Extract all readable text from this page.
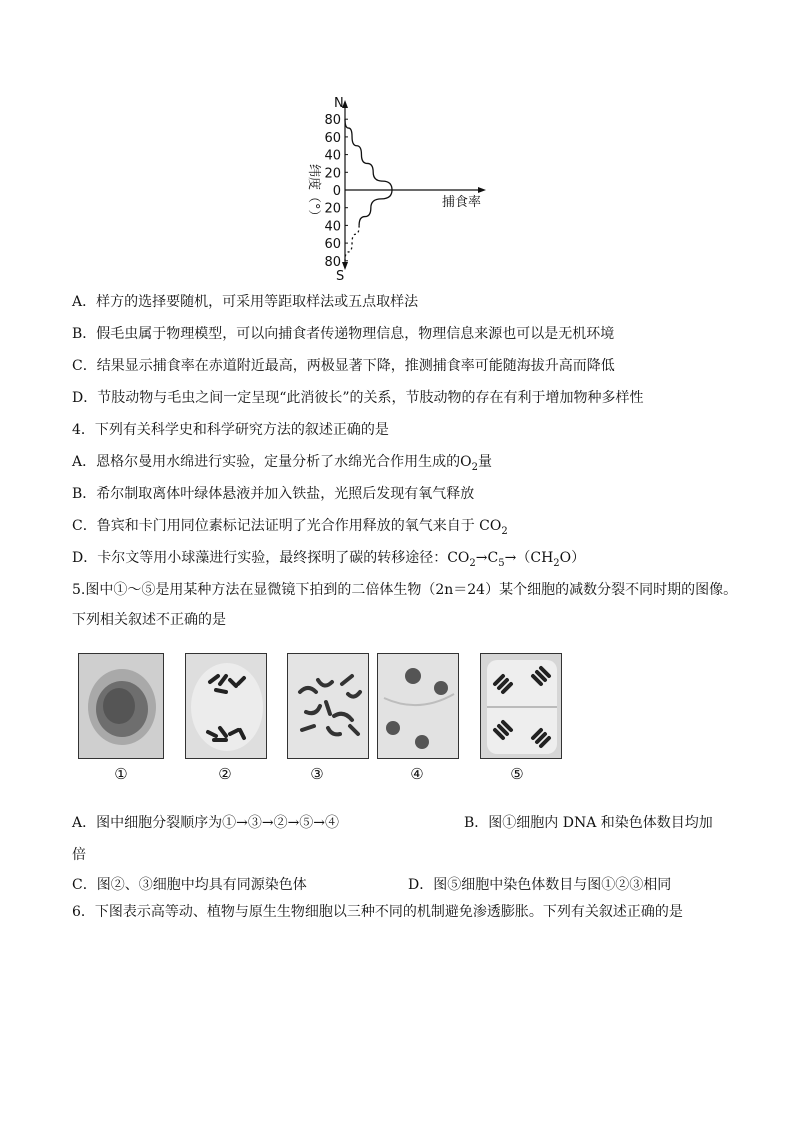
N
S
捕食率
80
60
40
20
0
20
40
60
80
纬度（°）
A．样方的选择要随机，可采用等距取样法或五点取样法
B．假毛虫属于物理模型，可以向捕食者传递物理信息，物理信息来源也可以是无机环境
C．结果显示捕食率在赤道附近最高，两极显著下降，推测捕食率可能随海拔升高而降低
D．节肢动物与毛虫之间一定呈现“此消彼长”的关系，节肢动物的存在有利于增加物种多样性
4．下列有关科学史和科学研究方法的叙述正确的是
A．恩格尔曼用水绵进行实验，定量分析了水绵光合作用生成的$O_2$量
B．希尔制取离体叶绿体悬液并加入铁盐，光照后发现有氧气释放
C．鲁宾和卡门用同位素标记法证明了光合作用释放的氧气来自于 $CO_2$
D．卡尔文等用小球藻进行实验，最终探明了碳的转移途径：$CO_2\to C_5\to(CH_2O)$
5.图中①～⑤是用某种方法在显微镜下拍到的二倍体生物（2n＝24）某个细胞的减数分裂不同时期的图像。
下列相关叙述不正确的是
①	②	③	④	⑤
A．图中细胞分裂顺序为①→③→②→⑤→④	B．图①细胞内 DNA 和染色体数目均加
倍
C．图②、③细胞中均具有同源染色体	D．图⑤细胞中染色体数目与图①②③相同
6．下图表示高等动、植物与原生生物细胞以三种不同的机制避免渗透膨胀。下列有关叙述正确的是
